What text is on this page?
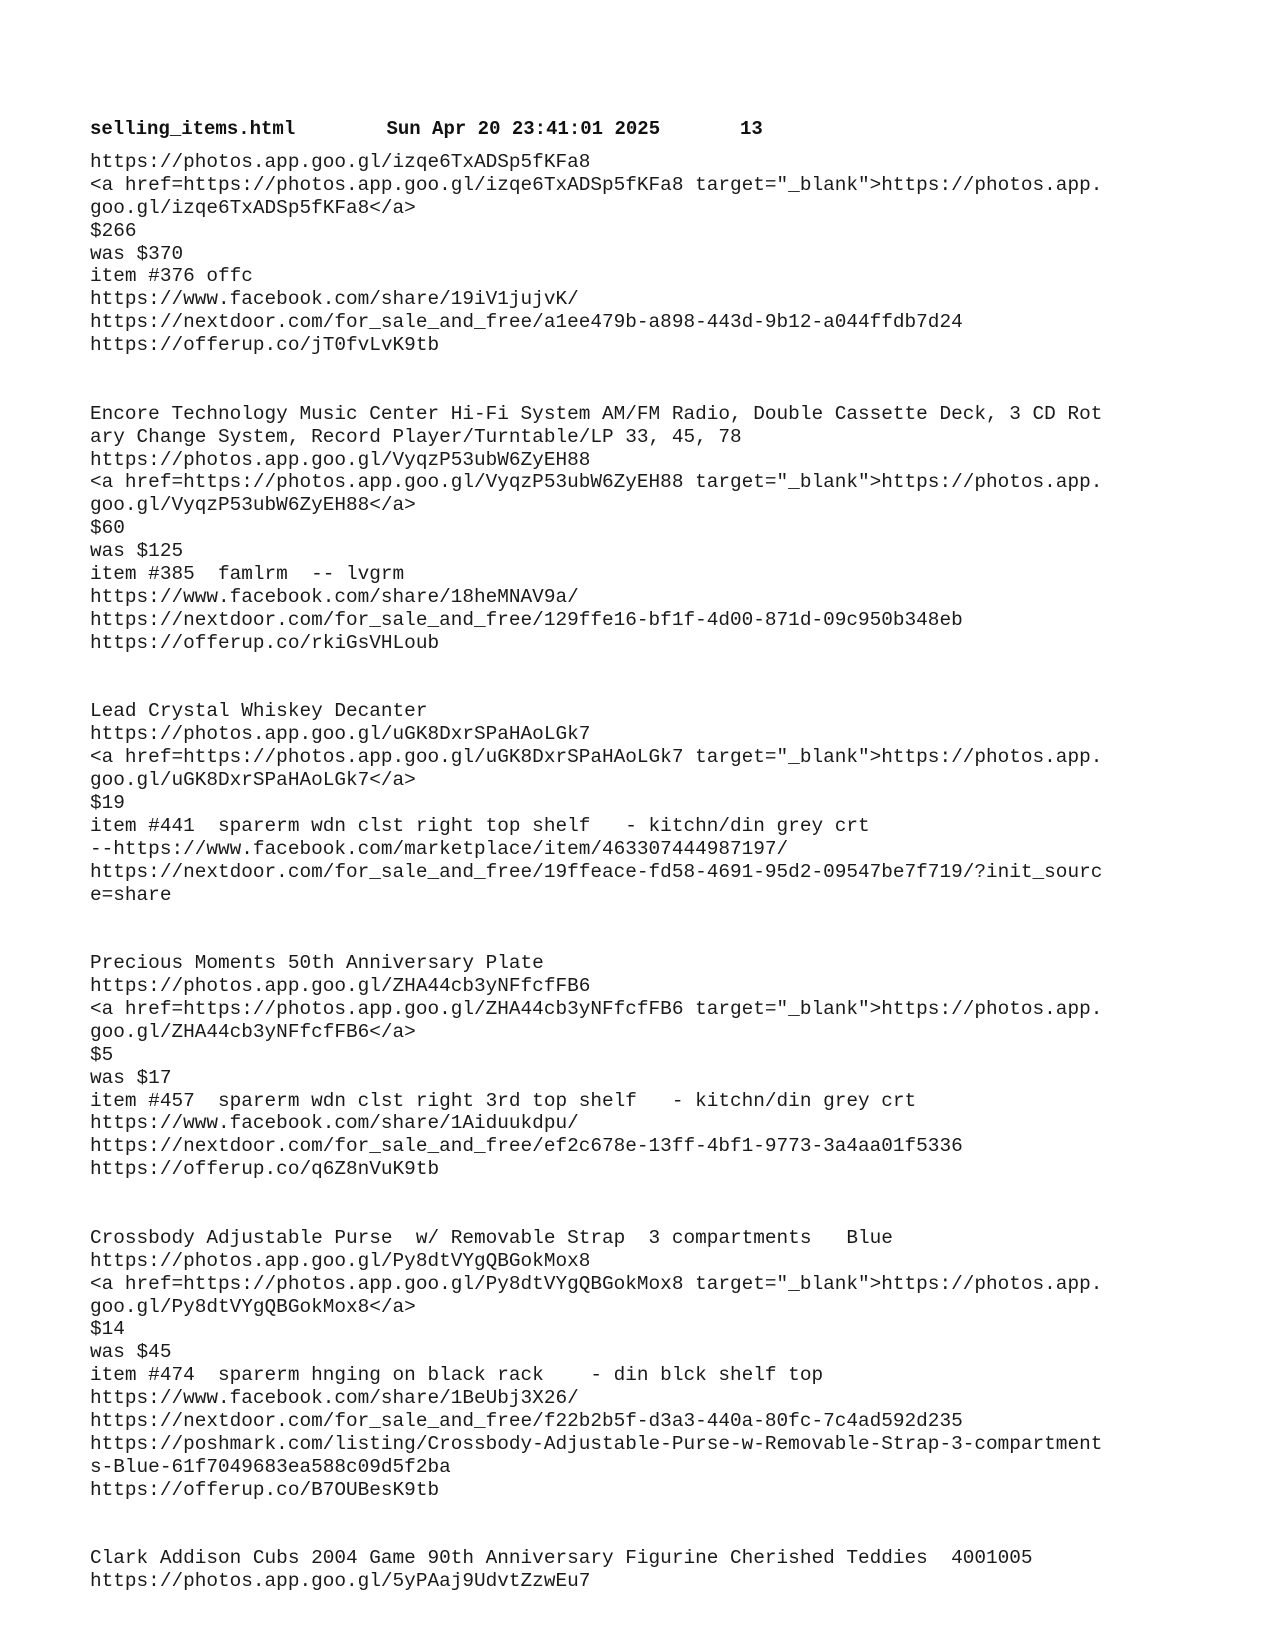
selling_items.html	Sun Apr 20 23:41:01 2025	13
https://photos.app.goo.gl/izqe6TxADSp5fKFa8
<a href=https://photos.app.goo.gl/izqe6TxADSp5fKFa8 target="_blank">https://photos.app.
goo.gl/izqe6TxADSp5fKFa8</a>
$266
was $370
item #376 offc
https://www.facebook.com/share/19iV1jujvK/
https://nextdoor.com/for_sale_and_free/a1ee479b-a898-443d-9b12-a044ffdb7d24
https://offerup.co/jT0fvLvK9tb
Encore Technology Music Center Hi-Fi System AM/FM Radio, Double Cassette Deck, 3 CD Rot
ary Change System, Record Player/Turntable/LP 33, 45, 78
https://photos.app.goo.gl/VyqzP53ubW6ZyEH88
<a href=https://photos.app.goo.gl/VyqzP53ubW6ZyEH88 target="_blank">https://photos.app.
goo.gl/VyqzP53ubW6ZyEH88</a>
$60
was $125
item #385  famlrm  -- lvgrm
https://www.facebook.com/share/18heMNAV9a/
https://nextdoor.com/for_sale_and_free/129ffe16-bf1f-4d00-871d-09c950b348eb
https://offerup.co/rkiGsVHLoub
Lead Crystal Whiskey Decanter
https://photos.app.goo.gl/uGK8DxrSPaHAoLGk7
<a href=https://photos.app.goo.gl/uGK8DxrSPaHAoLGk7 target="_blank">https://photos.app.
goo.gl/uGK8DxrSPaHAoLGk7</a>
$19
item #441  sparerm wdn clst right top shelf   - kitchn/din grey crt
--https://www.facebook.com/marketplace/item/463307444987197/
https://nextdoor.com/for_sale_and_free/19ffeace-fd58-4691-95d2-09547be7f719/?init_sourc
e=share
Precious Moments 50th Anniversary Plate
https://photos.app.goo.gl/ZHA44cb3yNFfcfFB6
<a href=https://photos.app.goo.gl/ZHA44cb3yNFfcfFB6 target="_blank">https://photos.app.
goo.gl/ZHA44cb3yNFfcfFB6</a>
$5
was $17
item #457  sparerm wdn clst right 3rd top shelf   - kitchn/din grey crt
https://www.facebook.com/share/1Aiduukdpu/
https://nextdoor.com/for_sale_and_free/ef2c678e-13ff-4bf1-9773-3a4aa01f5336
https://offerup.co/q6Z8nVuK9tb
Crossbody Adjustable Purse  w/ Removable Strap  3 compartments   Blue
https://photos.app.goo.gl/Py8dtVYgQBGokMox8
<a href=https://photos.app.goo.gl/Py8dtVYgQBGokMox8 target="_blank">https://photos.app.
goo.gl/Py8dtVYgQBGokMox8</a>
$14
was $45
item #474  sparerm hnging on black rack    - din blck shelf top
https://www.facebook.com/share/1BeUbj3X26/
https://nextdoor.com/for_sale_and_free/f22b2b5f-d3a3-440a-80fc-7c4ad592d235
https://poshmark.com/listing/Crossbody-Adjustable-Purse-w-Removable-Strap-3-compartment
s-Blue-61f7049683ea588c09d5f2ba
https://offerup.co/B7OUBesK9tb
Clark Addison Cubs 2004 Game 90th Anniversary Figurine Cherished Teddies  4001005
https://photos.app.goo.gl/5yPAaj9UdvtZzwEu7
